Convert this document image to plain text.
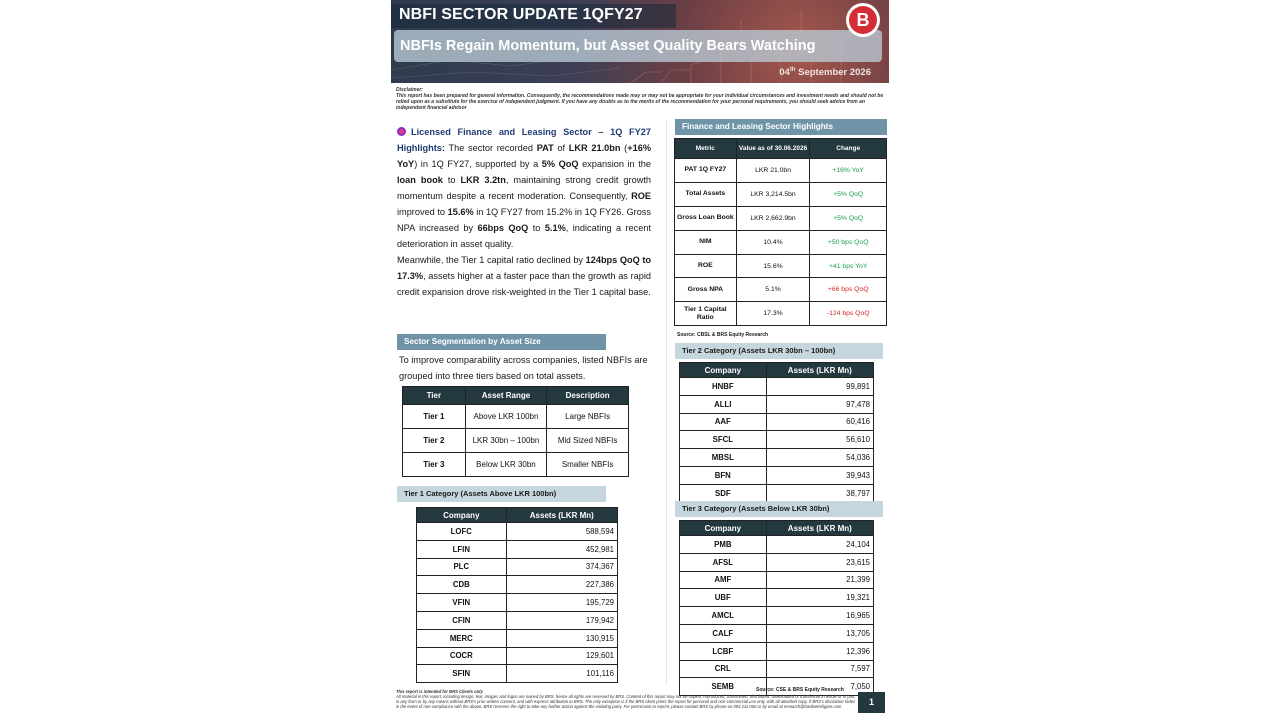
NBFI SECTOR UPDATE 1QFY27
NBFIs Regain Momentum, but Asset Quality Bears Watching
04th September 2026
B
Disclaimer:
This report has been prepared for general information. Consequently, the recommendations made may or may not be appropriate for your individual circumstances and investment needs and should not be relied upon as a substitute for the exercise of independent judgment. If you have any doubts as to the merits of the recommendation for your personal requirements, you should seek advice from an independent financial advisor
Licensed Finance and Leasing Sector – 1Q FY27 Highlights: The sector recorded PAT of LKR 21.0bn (+16% YoY) in 1Q FY27, supported by a 5% QoQ expansion in the loan book to LKR 3.2tn, maintaining strong credit growth momentum despite a recent moderation. Consequently, ROE improved to 15.6% in 1Q FY27 from 15.2% in 1Q FY26. Gross NPA increased by 66bps QoQ to 5.1%, indicating a recent deterioration in asset quality.
Meanwhile, the Tier 1 capital ratio declined by 124bps QoQ to 17.3%, assets higher at a faster pace than the growth as rapid credit expansion drove risk-weighted in the Tier 1 capital base.
Sector Segmentation by Asset Size
To improve comparability across companies, listed NBFIs are grouped into three tiers based on total assets.
Tier	Asset Range	Description
Tier 1	Above LKR 100bn	Large NBFIs
Tier 2	LKR 30bn – 100bn	Mid Sized NBFIs
Tier 3	Below LKR 30bn	Smaller NBFIs
Tier 1 Category (Assets Above LKR 100bn)
Company	Assets (LKR Mn)
LOFC	588,594
LFIN	452,981
PLC	374,367
CDB	227,386
VFIN	195,729
CFIN	179,942
MERC	130,915
COCR	129,601
SFIN	101,116
Finance and Leasing Sector Highlights
Metric	Value as of 30.06.2026	Change
PAT 1Q FY27	LKR 21.0bn	+16% YoY
Total Assets	LKR 3,214.5bn	+5% QoQ
Gross Loan Book	LKR 2,662.9bn	+5% QoQ
NIM	10.4%	+50 bps QoQ
ROE	15.6%	+41 bps YoY
Gross NPA	5.1%	+66 bps QoQ
Tier 1 Capital Ratio	17.3%	-124 bps QoQ
Source: CBSL & BRS Equity Research
Tier 2 Category (Assets LKR 30bn – 100bn)
Company	Assets (LKR Mn)
HNBF	99,891
ALLI	97,478
AAF	60,416
SFCL	56,610
MBSL	54,036
BFN	39,943
SDF	38,797
Tier 3 Category (Assets Below LKR 30bn)
Company	Assets (LKR Mn)
PMB	24,104
AFSL	23,615
AMF	21,399
UBF	19,321
AMCL	16,965
CALF	13,705
LCBF	12,396
CRL	7,597
SEMB	7,050
Source: CSE & BRS Equity Research
This report is intended for BRS Clients only
All material in this report, including design, text, images and logos are owned by BRS, hence all rights are reserved by BRS. Content of this report may not be copied, reproduced, transmitted, distributed, downloaded or transferred in whole or in part, in any form or by any means without BRS's prior written consent, and with express attribution to BRS. The only exception is if the BRS client prints the report for personal and non-commercial use only, with all attached copy. If BRS's disclaimer fades in the event of non-compliance with the above, BRS reserves the right to take any further action against the violating party. For permission to reprint, please contact BRS by phone on 094 211 000 or by email at research@bartleetreligare.com	1
